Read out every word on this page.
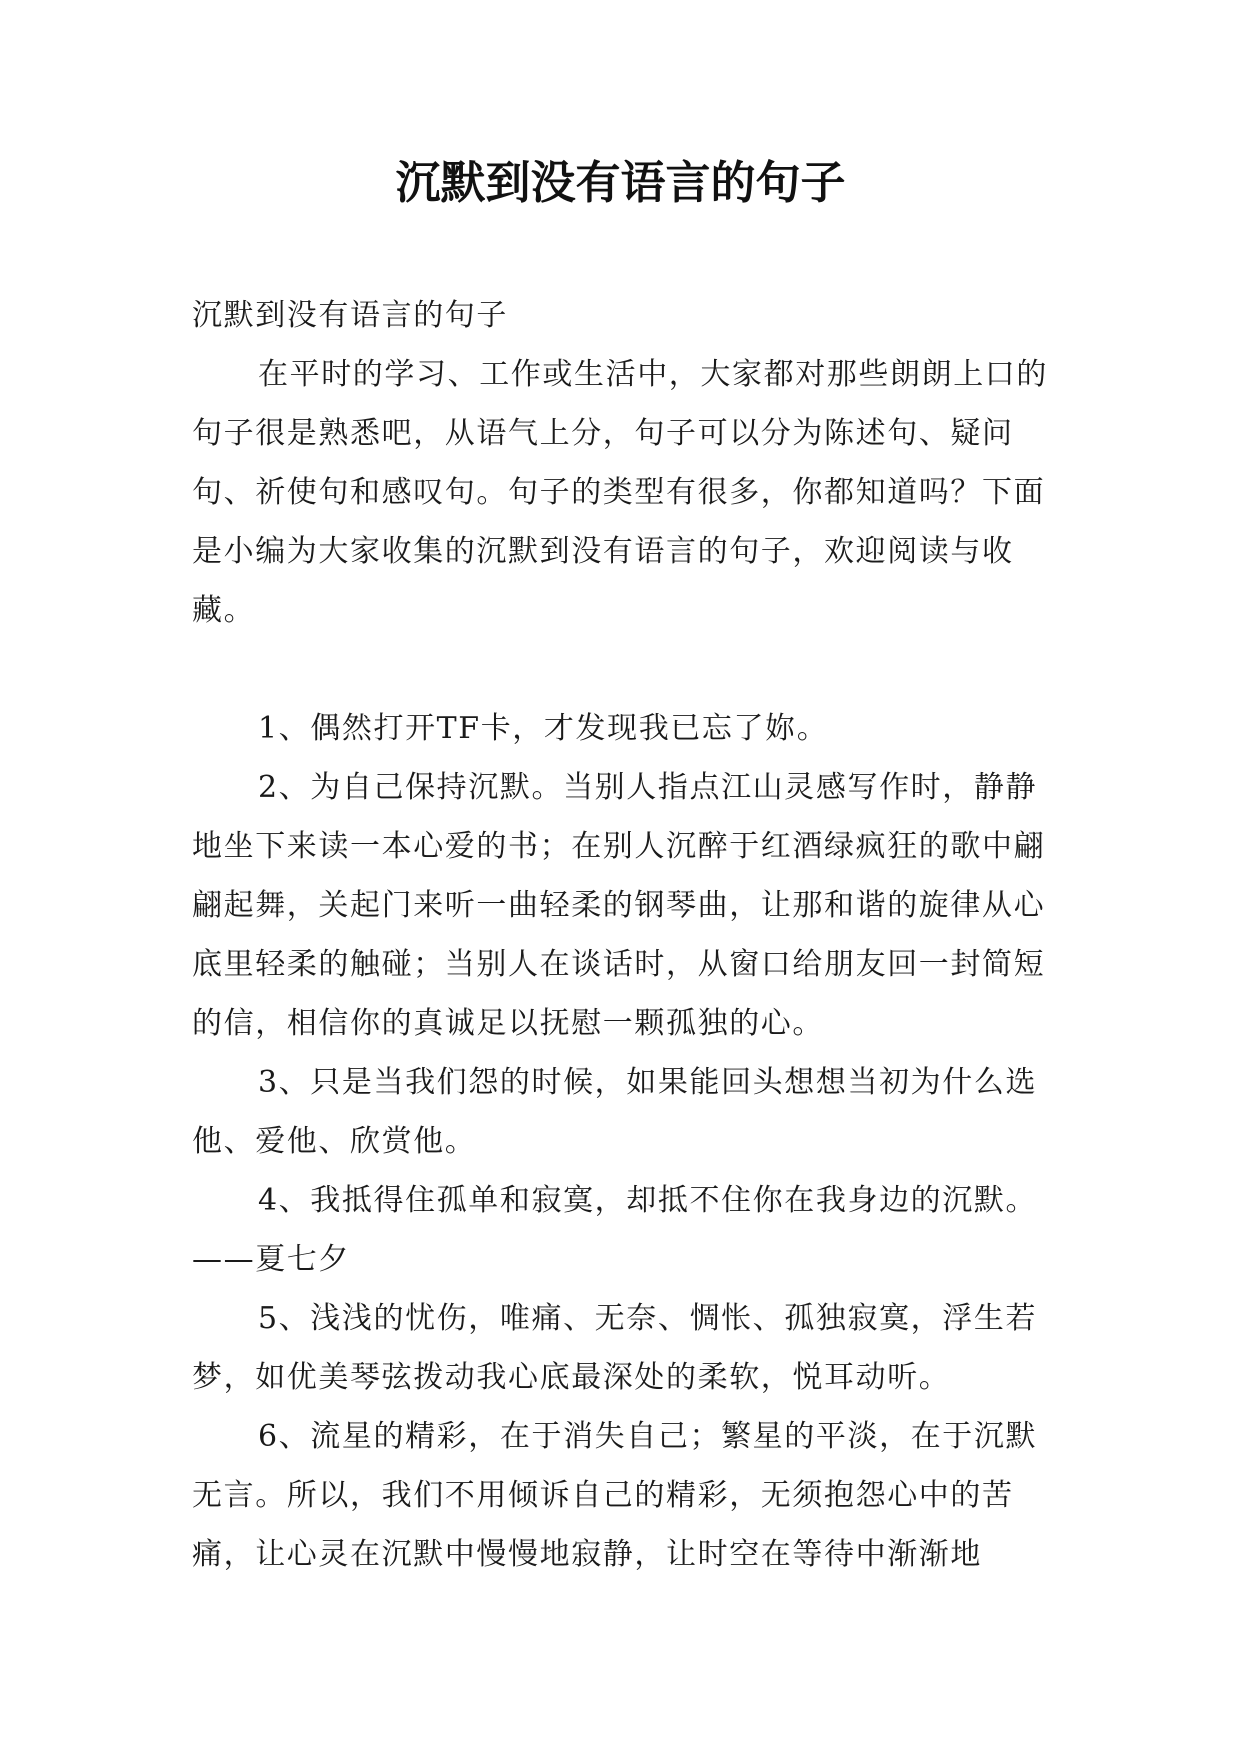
沉默到没有语言的句子

沉默到没有语言的句子

在平时的学习、工作或生活中，大家都对那些朗朗上口的句子很是熟悉吧，从语气上分，句子可以分为陈述句、疑问句、祈使句和感叹句。句子的类型有很多，你都知道吗？下面是小编为大家收集的沉默到没有语言的句子，欢迎阅读与收藏。

1、偶然打开TF卡，才发现我已忘了妳。

2、为自己保持沉默。当别人指点江山灵感写作时，静静地坐下来读一本心爱的书；在别人沉醉于红酒绿疯狂的歌中翩翩起舞，关起门来听一曲轻柔的钢琴曲，让那和谐的旋律从心底里轻柔的触碰；当别人在谈话时，从窗口给朋友回一封简短的信，相信你的真诚足以抚慰一颗孤独的心。

3、只是当我们怨的时候，如果能回头想想当初为什么选他、爱他、欣赏他。

4、我抵得住孤单和寂寞，却抵不住你在我身边的沉默。——夏七夕

5、浅浅的忧伤，唯痛、无奈、惆怅、孤独寂寞，浮生若梦，如优美琴弦拨动我心底最深处的柔软，悦耳动听。

6、流星的精彩，在于消失自己；繁星的平淡，在于沉默无言。所以，我们不用倾诉自己的精彩，无须抱怨心中的苦痛，让心灵在沉默中慢慢地寂静，让时空在等待中渐渐地
